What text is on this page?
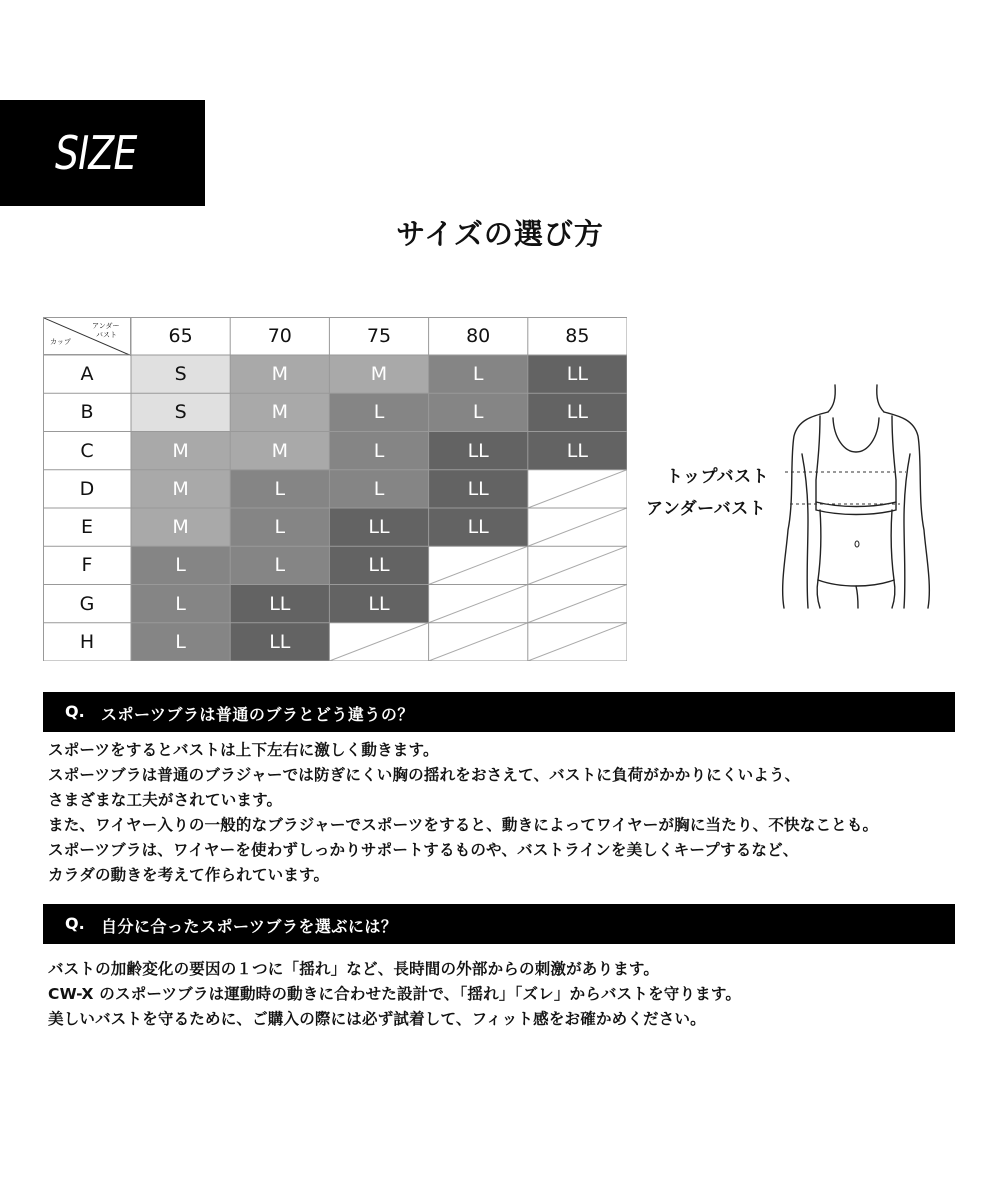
SIZE
サイズの選び方
アンダー
バスト
カップ	65	70	75	80	85
A	S	M	M	L	LL
B	S	M	L	L	LL
C	M	M	L	LL	LL
D	M	L	L	LL
E	M	L	LL	LL
F	L	L	LL
G	L	LL	LL
H	L	LL
トップバスト
アンダーバスト
Q. スポーツブラは普通のブラとどう違うの？
スポーツをするとバストは上下左右に激しく動きます。
スポーツブラは普通のブラジャーでは防ぎにくい胸の揺れをおさえて、バストに負荷がかかりにくいよう、
さまざまな工夫がされています。
また、ワイヤー入りの一般的なブラジャーでスポーツをすると、動きによってワイヤーが胸に当たり、不快なことも。
スポーツブラは、ワイヤーを使わずしっかりサポートするものや、バストラインを美しくキープするなど、
カラダの動きを考えて作られています。
Q. 自分に合ったスポーツブラを選ぶには？
バストの加齢変化の要因の１つに「揺れ」など、長時間の外部からの刺激があります。
CW-X のスポーツブラは運動時の動きに合わせた設計で、「揺れ」「ズレ」からバストを守ります。
美しいバストを守るために、ご購入の際には必ず試着して、フィット感をお確かめください。
